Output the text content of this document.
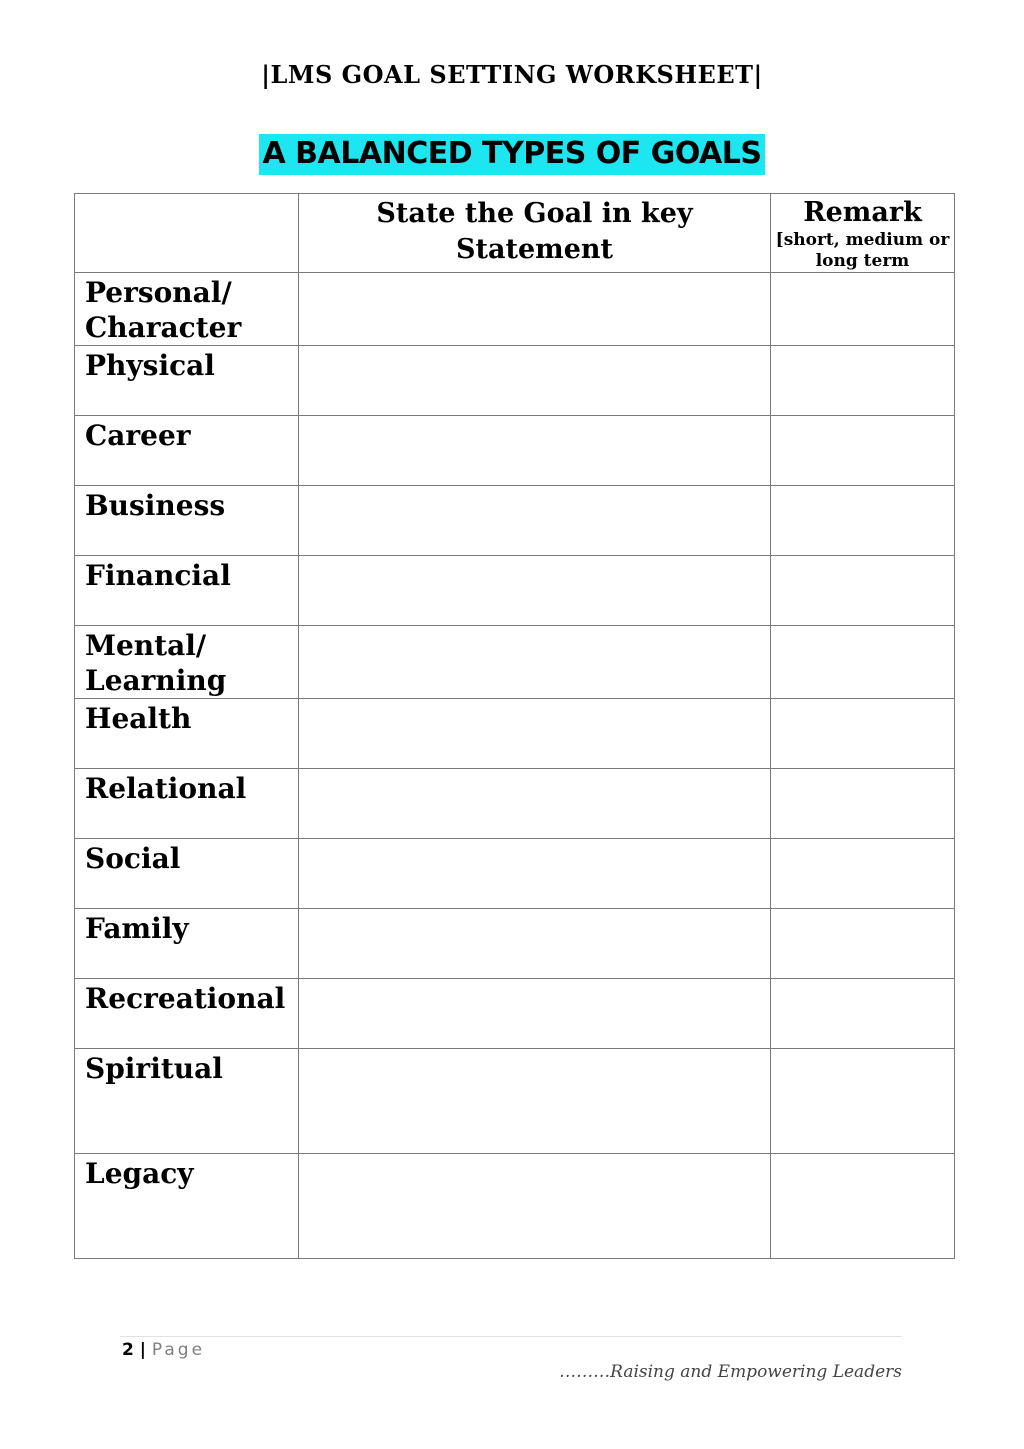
|LMS GOAL SETTING WORKSHEET|
A BALANCED TYPES OF GOALS

	State the Goal in key Statement	Remark
[short, medium or long term

Personal/
Character		

Physical		

Career		

Business		

Financial		

Mental/
Learning		

Health		

Relational		

Social		

Family		

Recreational		

Spiritual		

Legacy		

2 | Page
………Raising and Empowering Leaders
